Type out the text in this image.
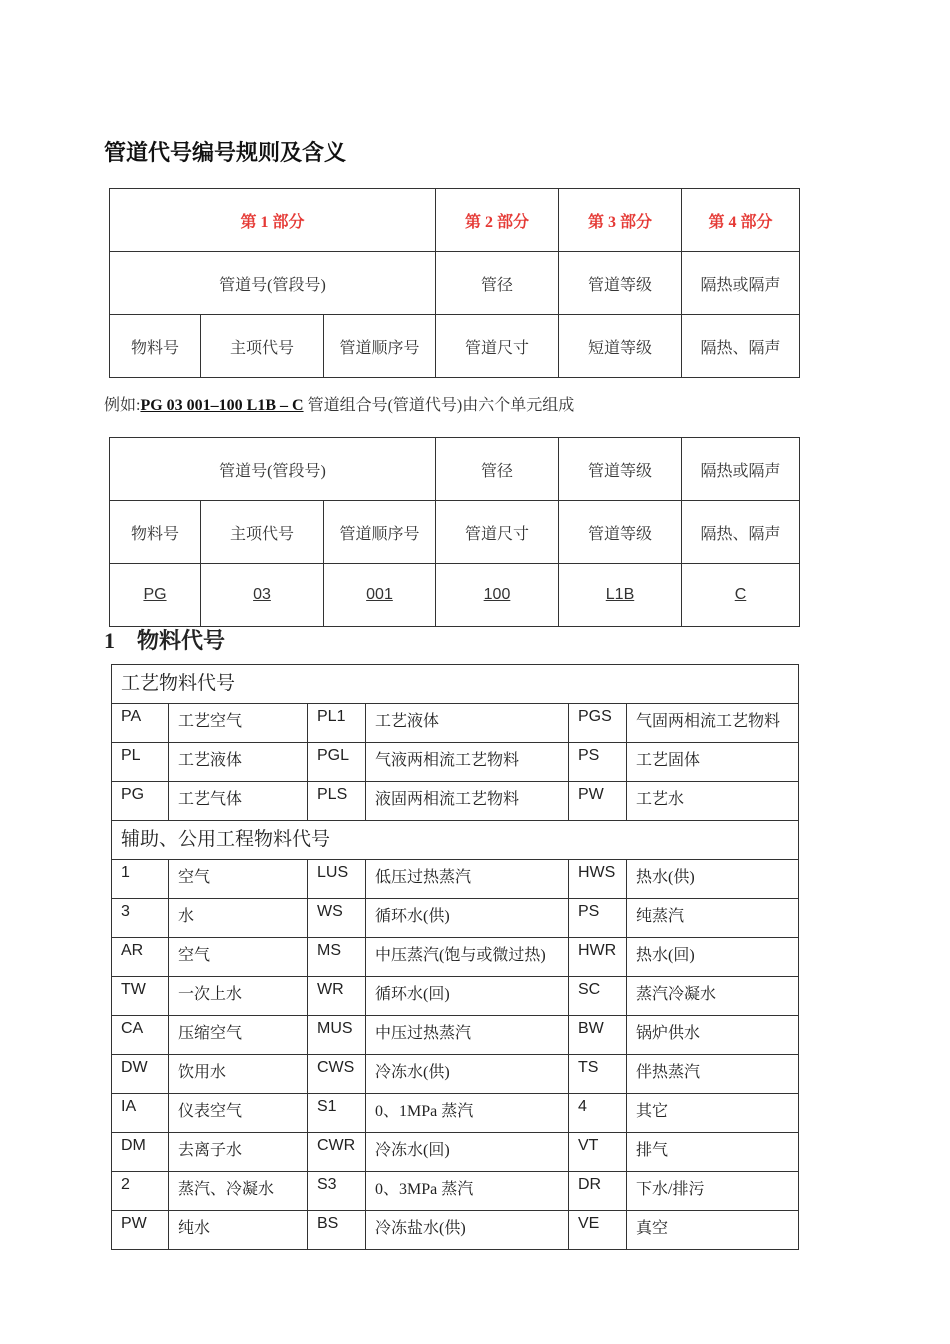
管道代号编号规则及含义
第 1 部分			第 2 部分	第 3 部分	第 4 部分
管道号(管段号)			管径	管道等级	隔热或隔声
物料号	主项代号	管道顺序号	管道尺寸	短道等级	隔热、隔声

例如:PG 03 001–100 L1B – C 管道组合号(管道代号)由六个单元组成

管道号(管段号)			管径	管道等级	隔热或隔声
物料号	主项代号	管道顺序号	管道尺寸	管道等级	隔热、隔声
PG	03	001	100	L1B	C
1 物料代号
工艺物料代号					
PA	工艺空气	PL1	工艺液体	PGS	气固两相流工艺物料
PL	工艺液体	PGL	气液两相流工艺物料	PS	工艺固体
PG	工艺气体	PLS	液固两相流工艺物料	PW	工艺水
辅助、公用工程物料代号					
1	空气	LUS	低压过热蒸汽	HWS	热水(供)
3	水	WS	循环水(供)	PS	纯蒸汽
AR	空气	MS	中压蒸汽(饱与或微过热)	HWR	热水(回)
TW	一次上水	WR	循环水(回)	SC	蒸汽冷凝水
CA	压缩空气	MUS	中压过热蒸汽	BW	锅炉供水
DW	饮用水	CWS	冷冻水(供)	TS	伴热蒸汽
IA	仪表空气	S1	0、1MPa 蒸汽	4	其它
DM	去离子水	CWR	冷冻水(回)	VT	排气
2	蒸汽、冷凝水	S3	0、3MPa 蒸汽	DR	下水/排污
PW	纯水	BS	冷冻盐水(供)	VE	真空
